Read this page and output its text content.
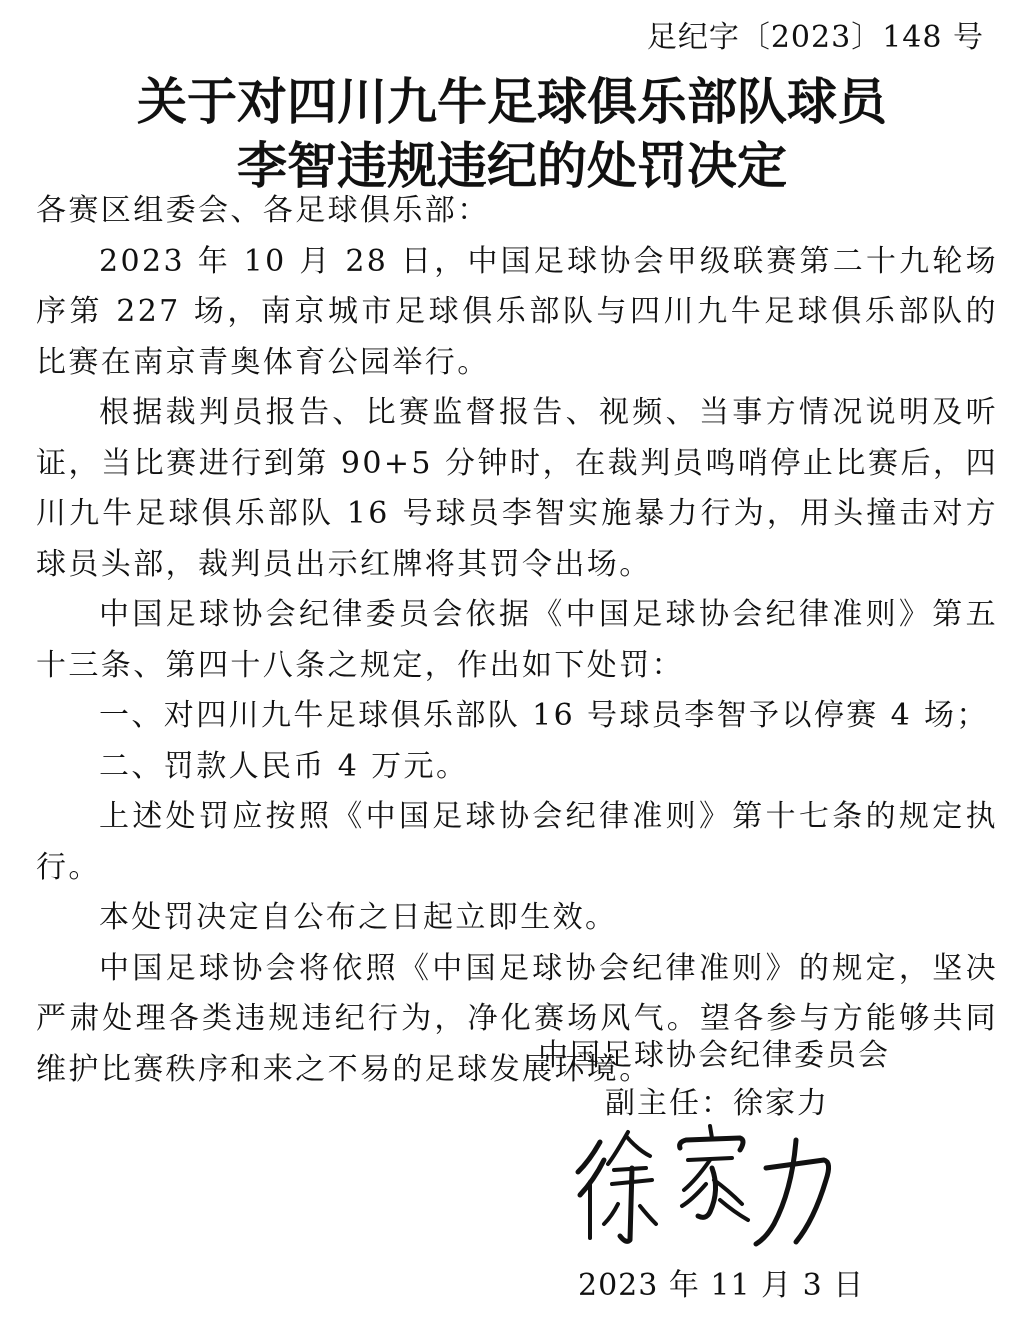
足纪字〔2023〕148 号
关于对四川九牛足球俱乐部队球员
李智违规违纪的处罚决定

各赛区组委会、各足球俱乐部：

2023 年 10 月 28 日，中国足球协会甲级联赛第二十九轮场序第 227 场，南京城市足球俱乐部队与四川九牛足球俱乐部队的比赛在南京青奥体育公园举行。

根据裁判员报告、比赛监督报告、视频、当事方情况说明及听证，当比赛进行到第 90+5 分钟时，在裁判员鸣哨停止比赛后，四川九牛足球俱乐部队 16 号球员李智实施暴力行为，用头撞击对方球员头部，裁判员出示红牌将其罚令出场。

中国足球协会纪律委员会依据《中国足球协会纪律准则》第五十三条、第四十八条之规定，作出如下处罚：

一、对四川九牛足球俱乐部队 16 号球员李智予以停赛 4 场；

二、罚款人民币 4 万元。

上述处罚应按照《中国足球协会纪律准则》第十七条的规定执行。

本处罚决定自公布之日起立即生效。

中国足球协会将依照《中国足球协会纪律准则》的规定，坚决严肃处理各类违规违纪行为，净化赛场风气。望各参与方能够共同维护比赛秩序和来之不易的足球发展环境。

中国足球协会纪律委员会
副主任：徐家力
2023 年 11 月 3 日
